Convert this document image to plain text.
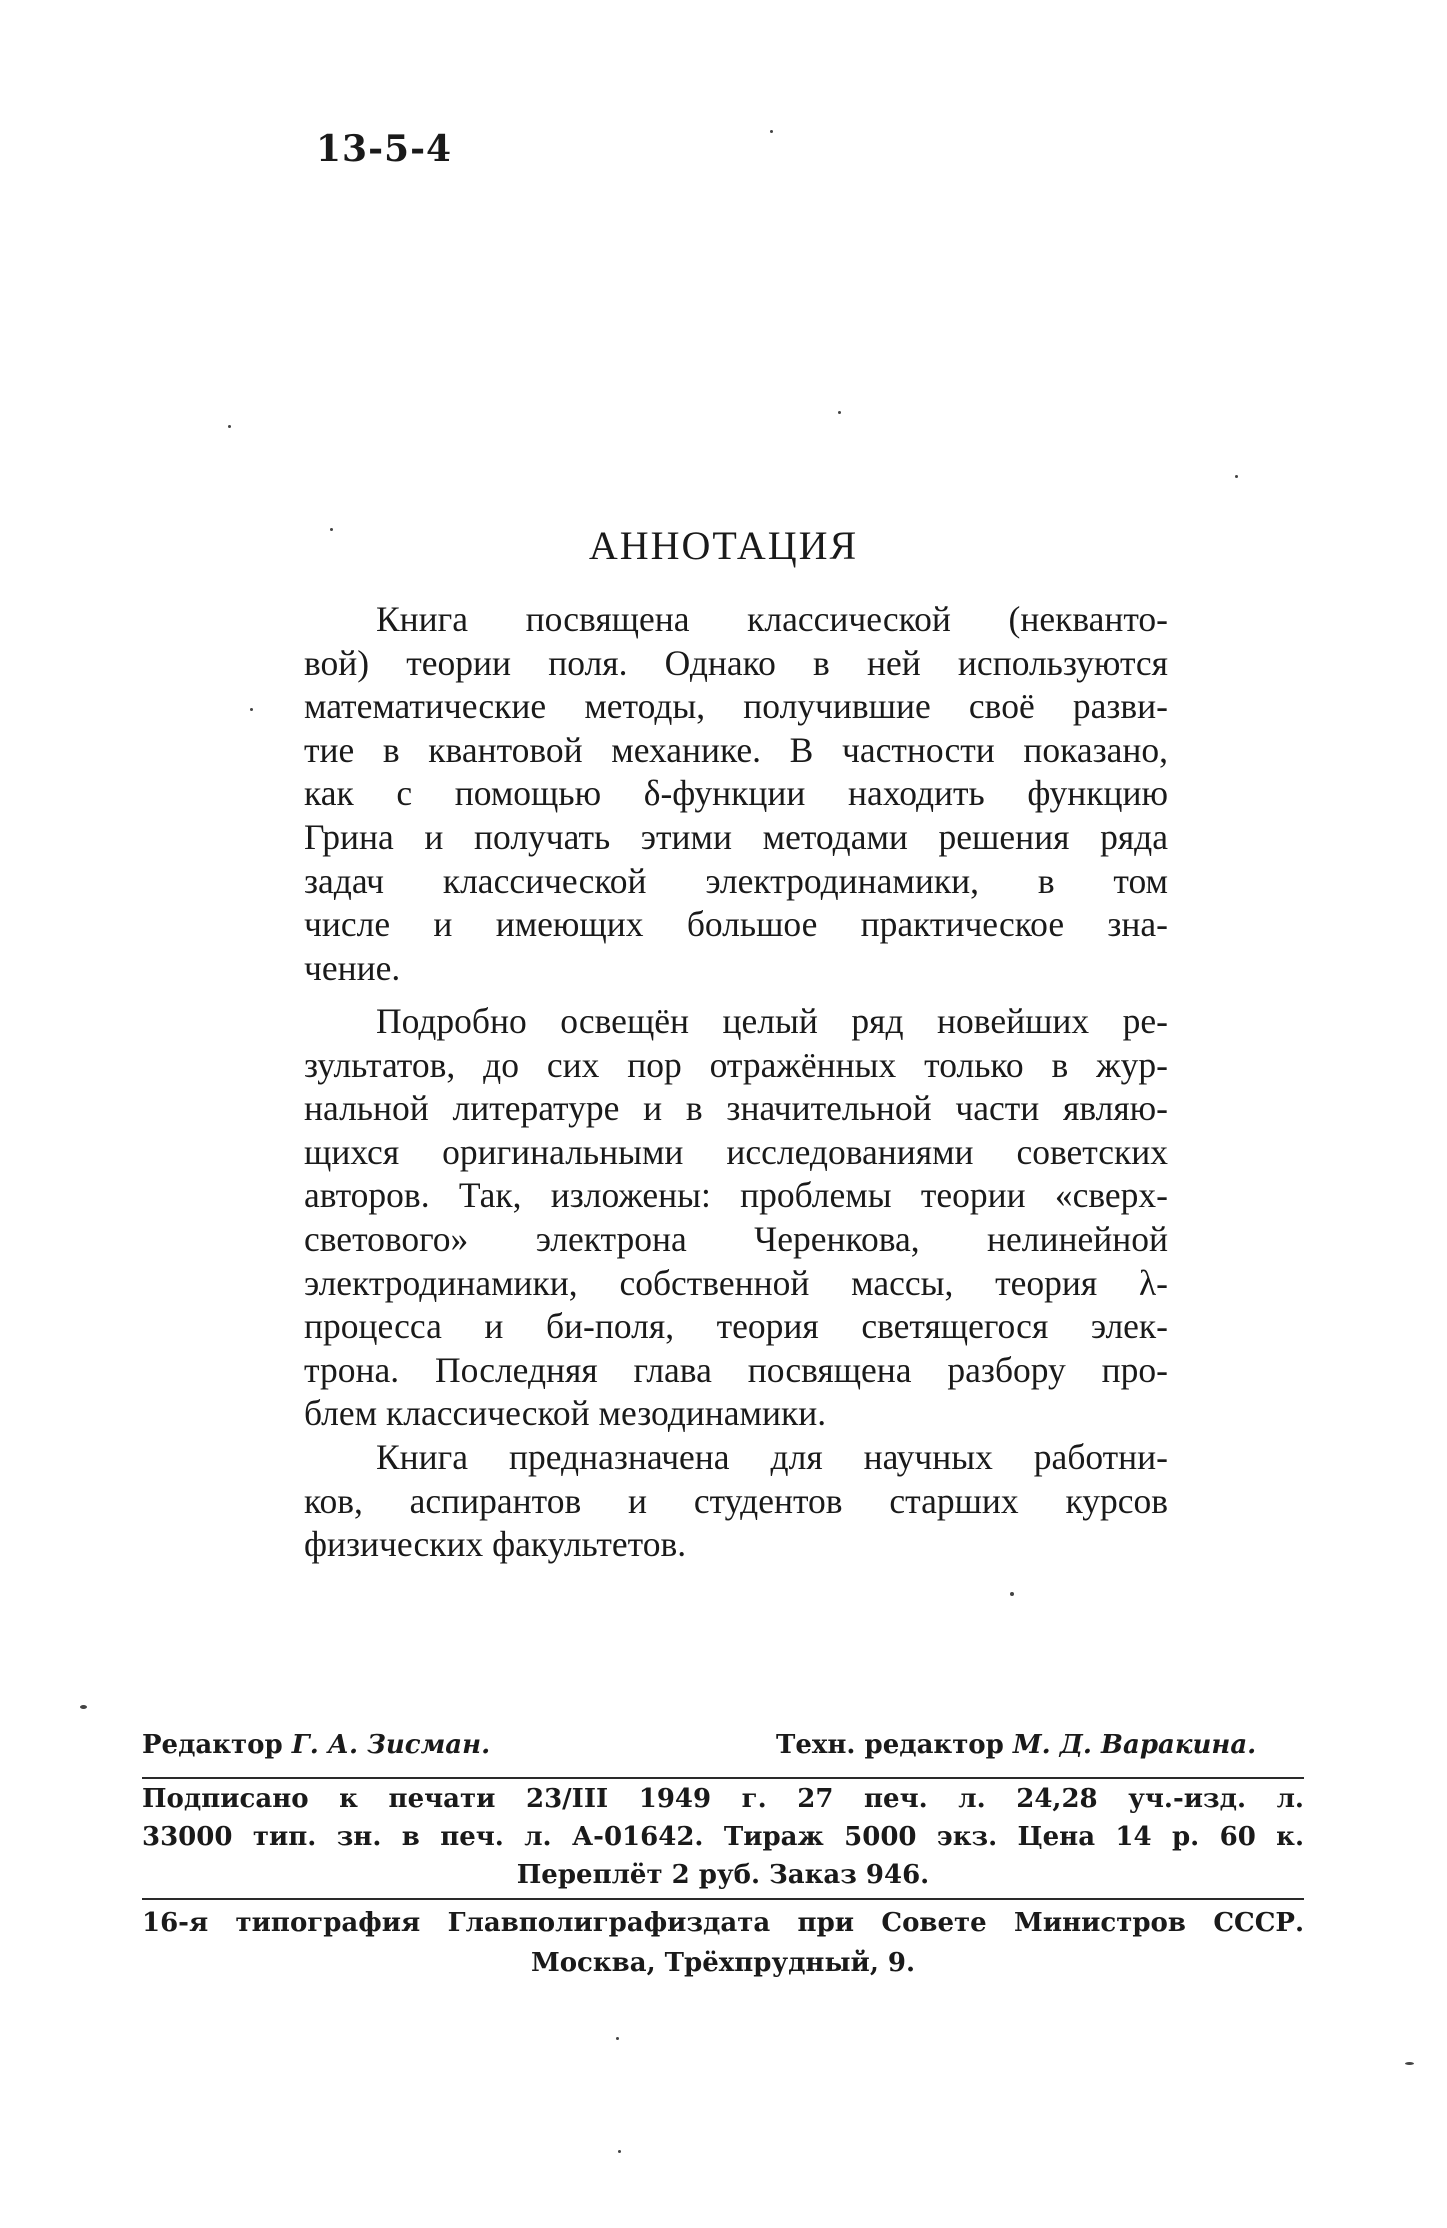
13-5-4
АННОТАЦИЯ
Книга посвящена классической (некванто-
вой) теории поля. Однако в ней используются
математические методы, получившие своё разви-
тие в квантовой механике. В частности показано,
как с помощью δ-функции находить функцию
Грина и получать этими методами решения ряда
задач классической электродинамики, в том
числе и имеющих большое практическое зна-
чение.
Подробно освещён целый ряд новейших ре-
зультатов, до сих пор отражённых только в жур-
нальной литературе и в значительной части являю-
щихся оригинальными исследованиями советских
авторов. Так, изложены: проблемы теории «сверх-
светового» электрона Черенкова, нелинейной
электродинамики, собственной массы, теория λ-
процесса и би-поля, теория светящегося элек-
трона. Последняя глава посвящена разбору про-
блем классической мезодинамики.
Книга предназначена для научных работни-
ков, аспирантов и студентов старших курсов
физических факультетов.
Редактор Г. А. Зисман.	Техн. редактор М. Д. Варакина.
Подписано к печати 23/III 1949 г. 27 печ. л. 24,28 уч.-изд. л.
33000 тип. зн. в печ. л. А-01642. Тираж 5000 экз. Цена 14 р. 60 к.
Переплёт 2 руб. Заказ 946.
16-я типография Главполиграфиздата при Совете Министров СССР.
Москва, Трёхпрудный, 9.
